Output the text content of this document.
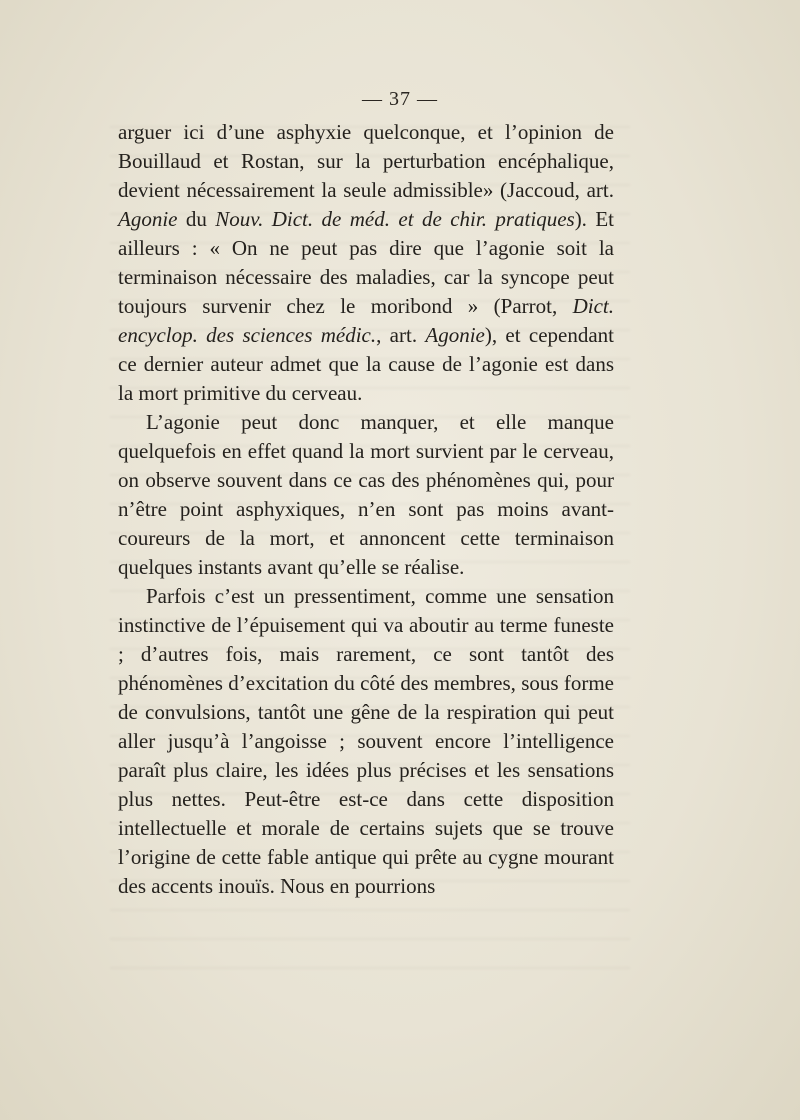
— 37 —

arguer ici d’une asphyxie quelconque, et l’opinion de Bouillaud et Rostan, sur la perturbation encéphalique, devient nécessairement la seule admissible» (Jaccoud, art. Agonie du Nouv. Dict. de méd. et de chir. pratiques). Et ailleurs : « On ne peut pas dire que l’agonie soit la terminaison nécessaire des maladies, car la syncope peut toujours survenir chez le moribond » (Parrot, Dict. encyclop. des sciences médic., art. Agonie), et cependant ce dernier auteur admet que la cause de l’agonie est dans la mort primitive du cerveau.

L’agonie peut donc manquer, et elle manque quelquefois en effet quand la mort survient par le cerveau, on observe souvent dans ce cas des phénomènes qui, pour n’être point asphyxiques, n’en sont pas moins avant-coureurs de la mort, et annoncent cette terminaison quelques instants avant qu’elle se réalise.

Parfois c’est un pressentiment, comme une sensation instinctive de l’épuisement qui va aboutir au terme funeste ; d’autres fois, mais rarement, ce sont tantôt des phénomènes d’excitation du côté des membres, sous forme de convulsions, tantôt une gêne de la respiration qui peut aller jusqu’à l’angoisse ; souvent encore l’intelligence paraît plus claire, les idées plus précises et les sensations plus nettes. Peut-être est-ce dans cette disposition intellectuelle et morale de certains sujets que se trouve l’origine de cette fable antique qui prête au cygne mourant des accents inouïs. Nous en pourrions
